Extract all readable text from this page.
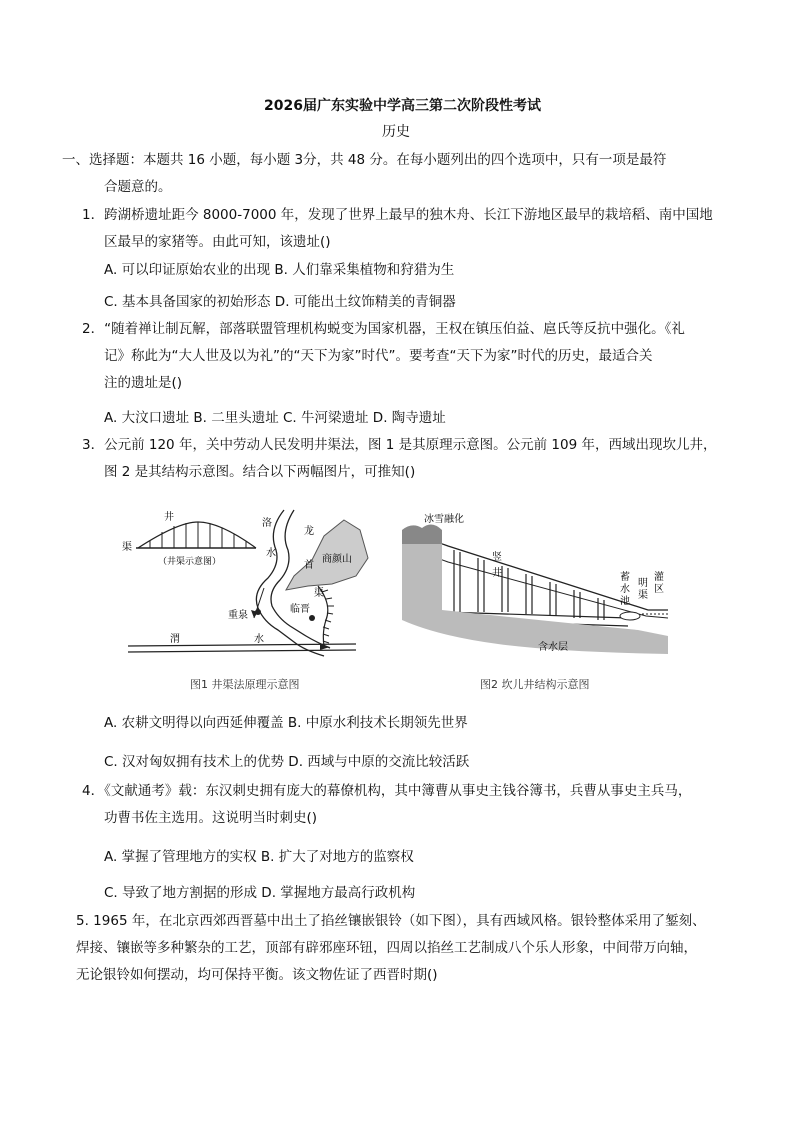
2026届广东实验中学高三第二次阶段性考试
历史
一、选择题：本题共 16 小题，每小题 3分，共 48 分。在每小题列出的四个选项中，只有一项是最符
合题意的。
1．跨湖桥遗址距今 8000-7000 年，发现了世界上最早的独木舟、长江下游地区最早的栽培稻、南中国地
区最早的家猪等。由此可知，该遗址()
A. 可以印证原始农业的出现 B. 人们靠采集植物和狩猎为生
C. 基本具备国家的初始形态 D. 可能出土纹饰精美的青铜器
2．“随着禅让制瓦解，部落联盟管理机构蜕变为国家机器，王权在镇压伯益、扈氏等反抗中强化。《礼
记》称此为“大人世及以为礼”的“天下为家”时代”。要考查“天下为家”时代的历史，最适合关
注的遗址是()
A. 大汶口遗址 B. 二里头遗址 C. 牛河梁遗址 D. 陶寺遗址
3．公元前 120 年，关中劳动人民发明井渠法，图 1 是其原理示意图。公元前 109 年，西域出现坎儿井，
图 2 是其结构示意图。结合以下两幅图片，可推知()
井
渠
（井渠示意图）	商颜山
洛
水
龙
首
渠
重泉
临晋
渭	水
图1 井渠法原理示意图
冰雪融化
竖
井
含水层
蓄
水
池
明
渠
灌
区
图2 坎儿井结构示意图
A. 农耕文明得以向西延伸覆盖 B. 中原水利技术长期领先世界
C. 汉对匈奴拥有技术上的优势 D. 西域与中原的交流比较活跃
4．《文献通考》载：东汉刺史拥有庞大的幕僚机构，其中簿曹从事史主钱谷簿书，兵曹从事史主兵马，
功曹书佐主选用。这说明当时刺史()
A. 掌握了管理地方的实权 B. 扩大了对地方的监察权
C. 导致了地方割据的形成 D. 掌握地方最高行政机构
5. 1965 年，在北京西郊西晋墓中出土了掐丝镶嵌银铃（如下图），具有西域风格。银铃整体采用了錾刻、
焊接、镶嵌等多种繁杂的工艺，顶部有辟邪座环钮，四周以掐丝工艺制成八个乐人形象，中间带万向轴，
无论银铃如何摆动，均可保持平衡。该文物佐证了西晋时期()
